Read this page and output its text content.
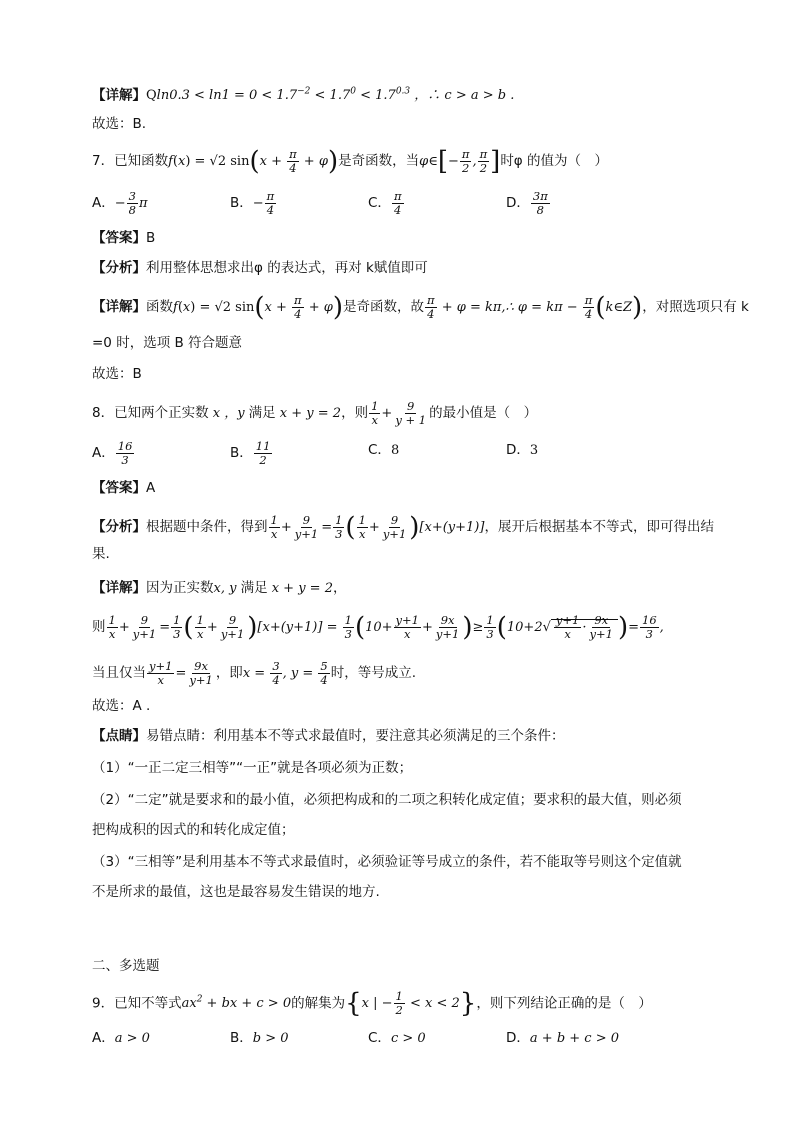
【详解】$Qln0.3 < \ln 1 = 0 < 1.7^{-2} < 1.7^0 < 1.7^{0.3}$ ，∴ c > a > b .
故选：B.
7．已知函数f(x) = √2 $\sin(x + \frac{\pi}{4} + \varphi)$是奇函数，当φ∈[− $\frac{\pi}{2}$ , $\frac{\pi}{2}$ ]时φ 的值为（　）
A．− $\frac{3}{8}$ π	B．− $\frac{\pi}{4}$	C． $\frac{\pi}{4}$	D． $\frac{3\pi}{8}$
【答案】B
【分析】利用整体思想求出φ 的表达式，再对 k赋值即可
【详解】函数f(x) = √2 $\sin(x + \frac{\pi}{4} + \varphi)$是奇函数，故 $\frac{\pi}{4} + \varphi$ = kπ,∴ $\varphi = k\pi - \frac{\pi}{4}$ (k∈Z)，对照选项只有 k
=0 时，选项 B 符合题意
故选：B
8．已知两个正实数 x ，y 满足 x + y = 2，则 $\frac{1}{x} + \frac{9}{y + 1}$ 的最小值是（　）
A． $\frac{16}{3}$	B． $\frac{11}{2}$	C．8	D．3
【答案】A
【分析】根据题中条件，得到 $\frac{1}{x} + \frac{9}{y+1} = \frac{1}{3}$ ( $\frac{1}{x} + \frac{9}{y+1} )[x+(y+1)]$，展开后根据基本不等式，即可得出结
果.
【详解】因为正实数x, y 满足 x + y = 2，
则 $\frac{1}{x} + \frac{9}{y+1} = \frac{1}{3}$ ( $\frac{1}{x} + \frac{9}{y+1} )[x+(y+1)] = \frac{1}{3} (10+ \frac{y+1}{x} + \frac{9x}{y+1}$ )≥ $\frac{1}{3} (10+2√ \frac{y+1}{x} \cdot \frac{9x}{y+1}$ )= $\frac{16}{3}$ ,
当且仅当 $\frac{y+1}{x} = \frac{9x}{y+1}$ ，即$x = \frac{3}{4}$ , $y = \frac{5}{4}$ 时，等号成立.
故选：A .
【点睛】易错点睛：利用基本不等式求最值时，要注意其必须满足的三个条件：
（1）“一正二定三相等”“一正”就是各项必须为正数；
（2）“二定”就是要求和的最小值，必须把构成和的二项之积转化成定值；要求积的最大值，则必须
把构成积的因式的和转化成定值；
（3）“三相等”是利用基本不等式求最值时，必须验证等号成立的条件，若不能取等号则这个定值就
不是所求的最值，这也是最容易发生错误的地方.
二、多选题
9．已知不等式$ax^2$ + bx + c > 0的解集为{x | − $\frac{1}{2} < x < 2$}，则下列结论正确的是（　）
A．a > 0	B．b > 0	C．c > 0	D．a + b + c > 0
